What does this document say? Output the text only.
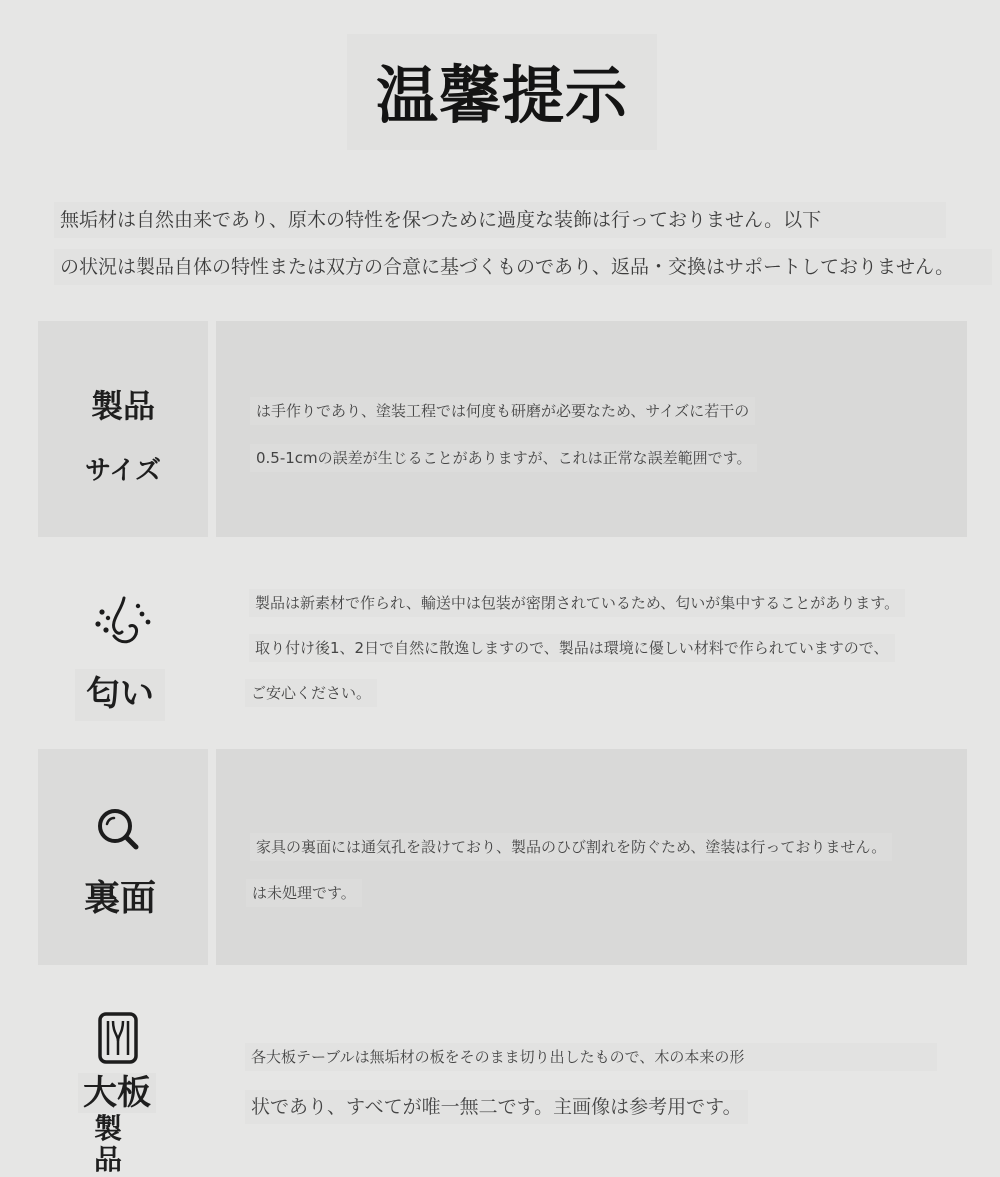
温馨提示
無垢材は自然由来であり、原木の特性を保つために過度な装飾は行っておりません。以下
の状況は製品自体の特性または双方の合意に基づくものであり、返品・交換はサポートしておりません。
製品
サイズ
は手作りであり、塗装工程では何度も研磨が必要なため、サイズに若干の
0.5-1cmの誤差が生じることがありますが、これは正常な誤差範囲です。
匂い
製品は新素材で作られ、輸送中は包装が密閉されているため、匂いが集中することがあります。
取り付け後1、2日で自然に散逸しますので、製品は環境に優しい材料で作られていますので、
ご安心ください。
裏面
家具の裏面には通気孔を設けており、製品のひび割れを防ぐため、塗装は行っておりません。
は未処理です。
大板
製
品
各大板テーブルは無垢材の板をそのまま切り出したもので、木の本来の形
状であり、すべてが唯一無二です。主画像は参考用です。
